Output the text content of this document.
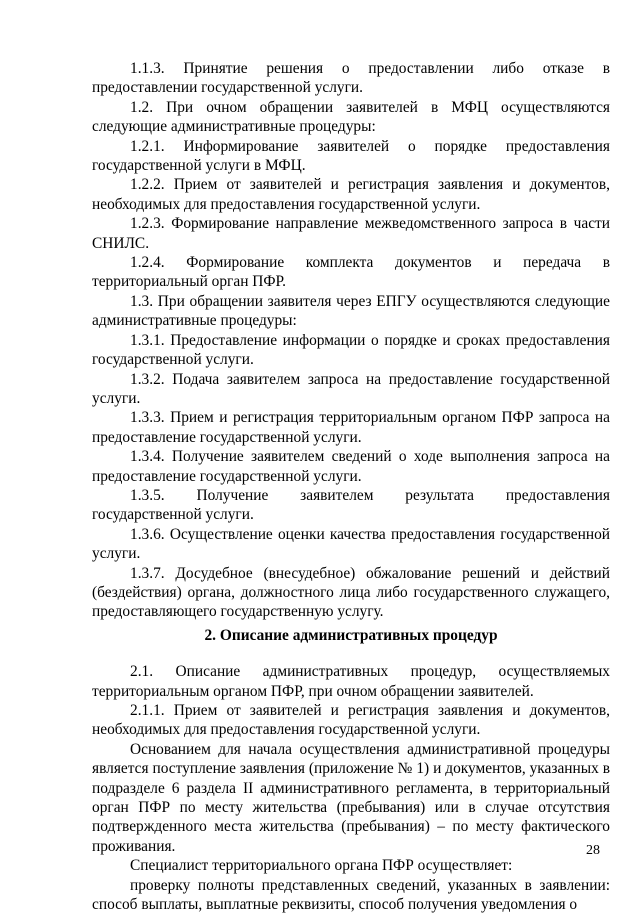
1.1.3. Принятие решения о предоставлении либо отказе в предоставлении государственной услуги.

1.2. При очном обращении заявителей в МФЦ осуществляются следующие административные процедуры:

1.2.1. Информирование заявителей о порядке предоставления государственной услуги в МФЦ.

1.2.2. Прием от заявителей и регистрация заявления и документов, необходимых для предоставления государственной услуги.

1.2.3. Формирование направление межведомственного запроса в части СНИЛС.

1.2.4. Формирование комплекта документов и передача в территориальный орган ПФР.

1.3. При обращении заявителя через ЕПГУ осуществляются следующие административные процедуры:

1.3.1. Предоставление информации о порядке и сроках предоставления государственной услуги.

1.3.2. Подача заявителем запроса на предоставление государственной услуги.

1.3.3. Прием и регистрация территориальным органом ПФР запроса на предоставление государственной услуги.

1.3.4. Получение заявителем сведений о ходе выполнения запроса на предоставление государственной услуги.

1.3.5. Получение заявителем результата предоставления государственной услуги.

1.3.6. Осуществление оценки качества предоставления государственной услуги.

1.3.7. Досудебное (внесудебное) обжалование решений и действий (бездействия) органа, должностного лица либо государственного служащего, предоставляющего государственную услугу.

2. Описание административных процедур

2.1. Описание административных процедур, осуществляемых территориальным органом ПФР, при очном обращении заявителей.

2.1.1. Прием от заявителей и регистрация заявления и документов, необходимых для предоставления государственной услуги.

Основанием для начала осуществления административной процедуры является поступление заявления (приложение № 1) и документов, указанных в подразделе 6 раздела II административного регламента, в территориальный орган ПФР по месту жительства (пребывания) или в случае отсутствия подтвержденного места жительства (пребывания) – по месту фактического проживания.

Специалист территориального органа ПФР осуществляет:

проверку полноты представленных сведений, указанных в заявлении: способ выплаты, выплатные реквизиты, способ получения уведомления о

28
